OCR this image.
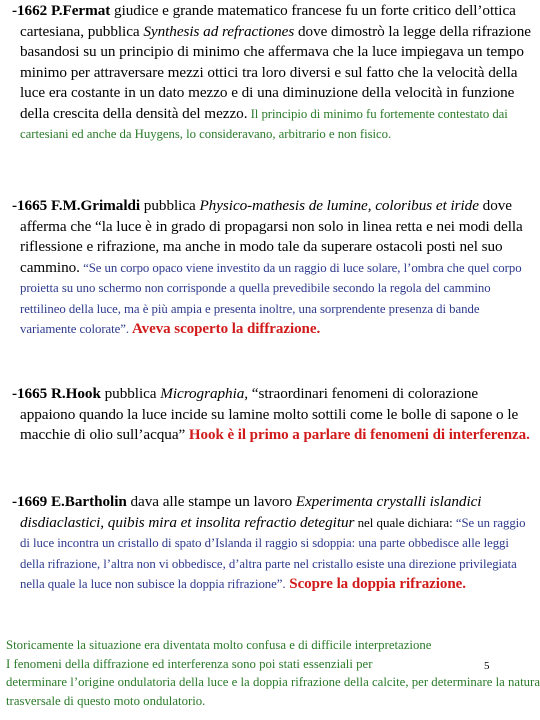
-1662 P.Fermat giudice e grande matematico francese fu un forte critico dell’ottica cartesiana, pubblica Synthesis ad refractiones dove dimostrò la legge della rifrazione basandosi su un principio di minimo che affermava che la luce impiegava un tempo minimo per attraversare mezzi ottici tra loro diversi e sul fatto che la velocità della luce era costante in un dato mezzo e di una diminuzione della velocità in funzione della crescita della densità del mezzo. Il principio di minimo fu fortemente contestato dai cartesiani ed anche da Huygens, lo consideravano, arbitrario e non fisico.
-1665 F.M.Grimaldi pubblica Physico-mathesis de lumine, coloribus et iride dove afferma che “la luce è in grado di propagarsi non solo in linea retta e nei modi della riflessione e rifrazione, ma anche in modo tale da superare ostacoli posti nel suo cammino. “Se un corpo opaco viene investito da un raggio di luce solare, l’ombra che quel corpo proietta su uno schermo non corrisponde a quella prevedibile secondo la regola del cammino rettilineo della luce, ma è più ampia e presenta inoltre, una sorprendente presenza di bande variamente colorate”. Aveva scoperto la diffrazione.
-1665 R.Hook pubblica Micrographia, “straordinari fenomeni di colorazione appaiono quando la luce incide su lamine molto sottili come le bolle di sapone o le macchie di olio sull’acqua” Hook è il primo a parlare di fenomeni di interferenza.
-1669 E.Bartholin dava alle stampe un lavoro Experimenta crystalli islandici disdiaclastici, quibis mira et insolita refractio detegitur nel quale dichiara: “Se un raggio di luce incontra un cristallo di spato d’Islanda il raggio si sdoppia: una parte obbedisce alle leggi della rifrazione, l’altra non vi obbedisce, d’altra parte nel cristallo esiste una direzione privilegiata nella quale la luce non subisce la doppia rifrazione”. Scopre la doppia rifrazione.
Storicamente la situazione era diventata molto confusa e di difficile interpretazione
I fenomeni della diffrazione ed interferenza sono poi stati essenziali per
determinare l’origine ondulatoria della luce e la doppia rifrazione della calcite, per determinare la natura trasversale di questo moto ondulatorio.
5
